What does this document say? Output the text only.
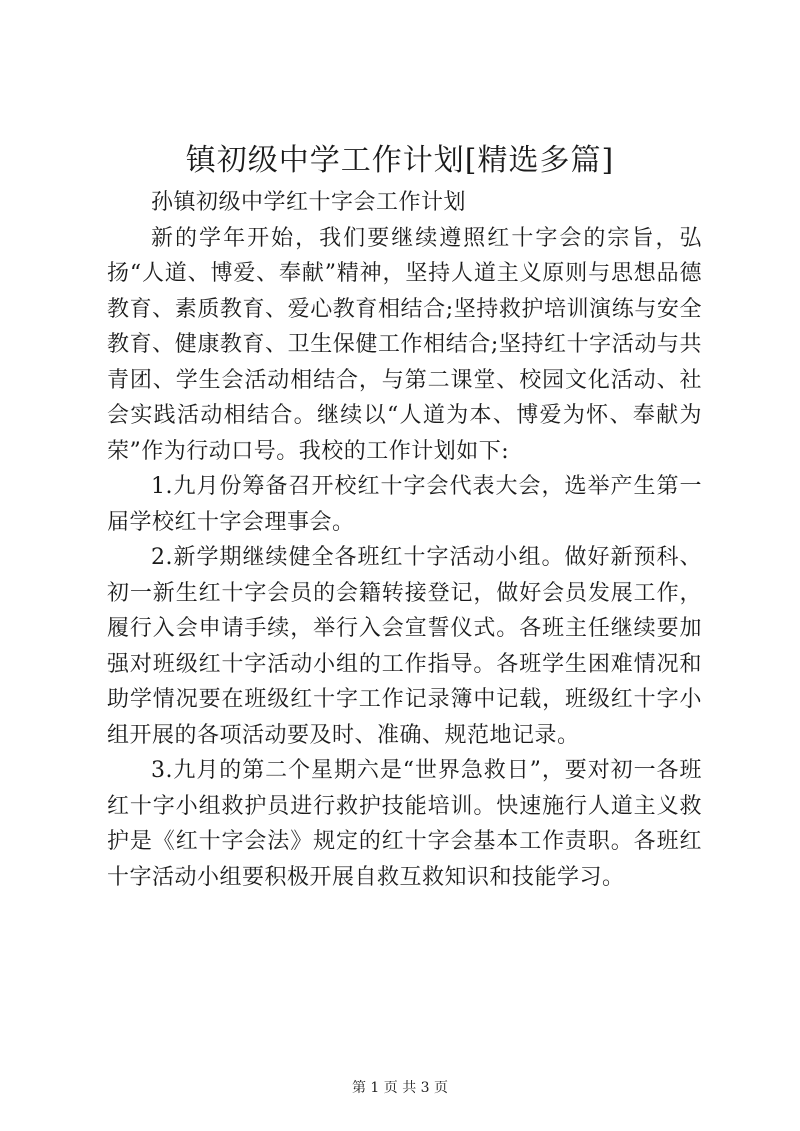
镇初级中学工作计划[精选多篇]

孙镇初级中学红十字会工作计划

新的学年开始，我们要继续遵照红十字会的宗旨，弘扬“人道、博爱、奉献”精神，坚持人道主义原则与思想品德教育、素质教育、爱心教育相结合;坚持救护培训演练与安全教育、健康教育、卫生保健工作相结合;坚持红十字活动与共青团、学生会活动相结合，与第二课堂、校园文化活动、社会实践活动相结合。继续以“人道为本、博爱为怀、奉献为荣”作为行动口号。我校的工作计划如下:

1.九月份筹备召开校红十字会代表大会，选举产生第一届学校红十字会理事会。

2.新学期继续健全各班红十字活动小组。做好新预科、初一新生红十字会员的会籍转接登记，做好会员发展工作，履行入会申请手续，举行入会宣誓仪式。各班主任继续要加强对班级红十字活动小组的工作指导。各班学生困难情况和助学情况要在班级红十字工作记录簿中记载，班级红十字小组开展的各项活动要及时、准确、规范地记录。

3.九月的第二个星期六是“世界急救日”，要对初一各班红十字小组救护员进行救护技能培训。快速施行人道主义救护是《红十字会法》规定的红十字会基本工作责职。各班红十字活动小组要积极开展自救互救知识和技能学习。

第 1 页 共 3 页
